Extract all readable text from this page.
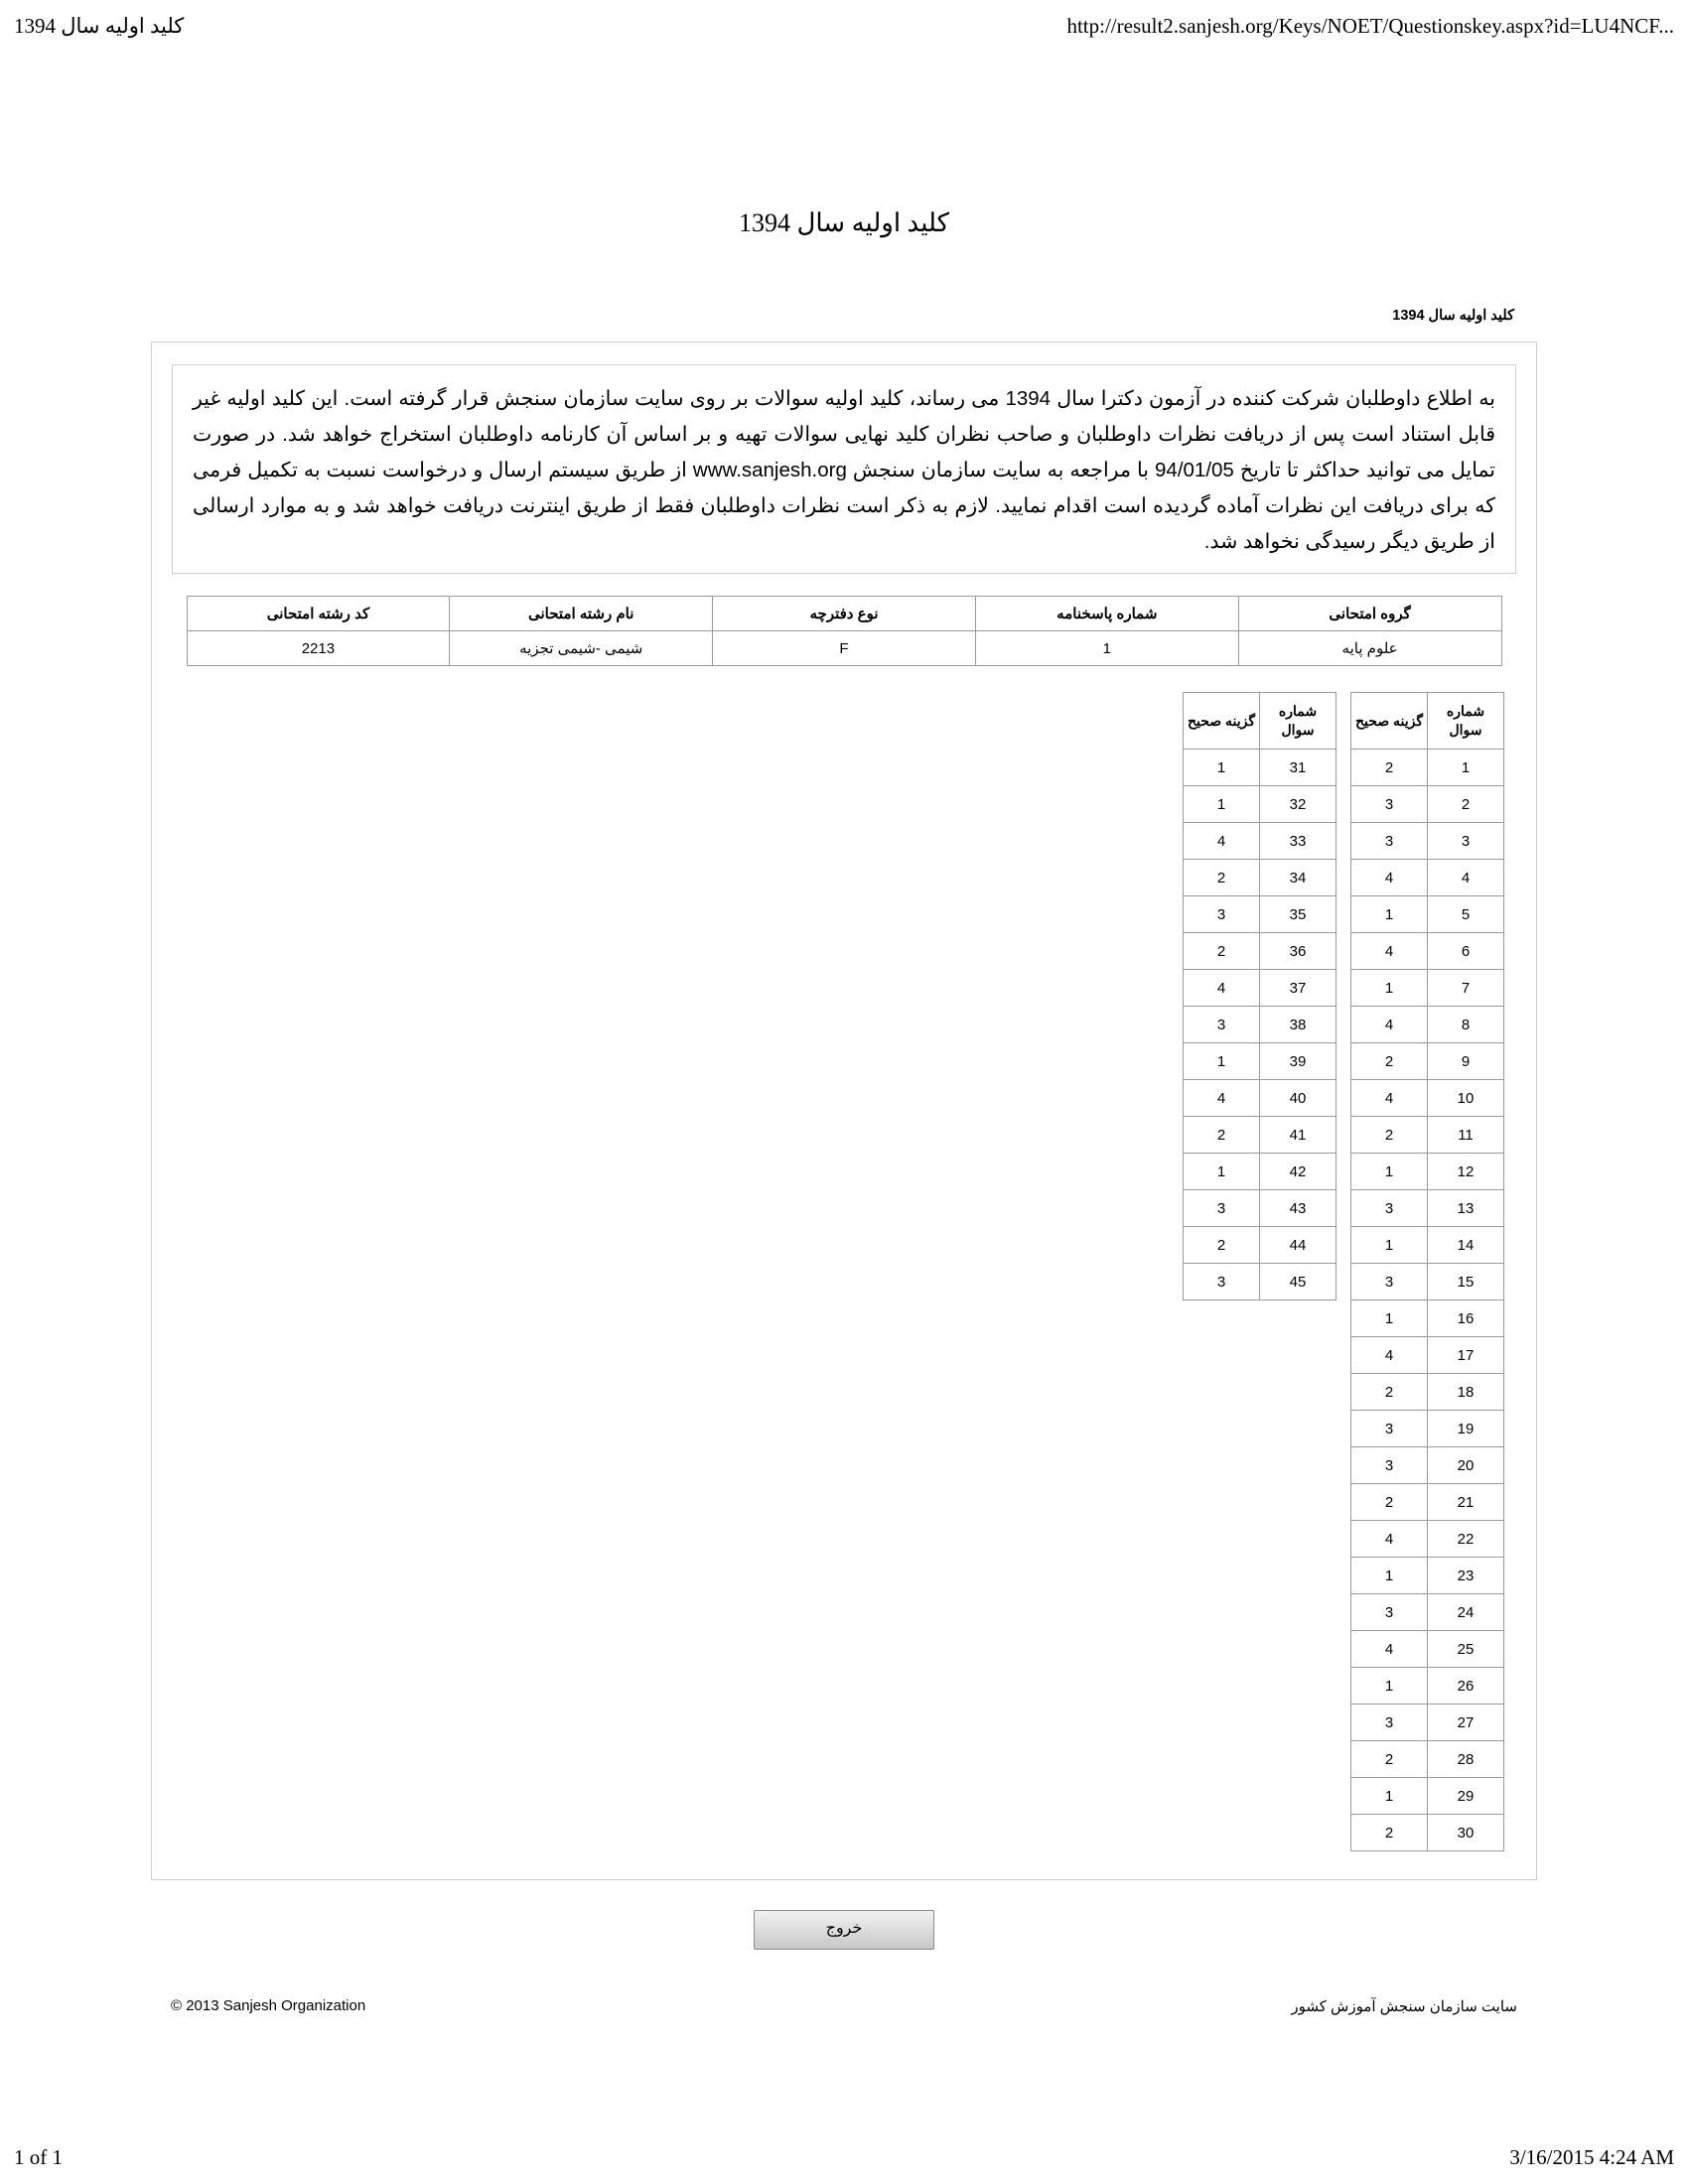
کلید اولیه سال 1394	http://result2.sanjesh.org/Keys/NOET/Questionskey.aspx?id=LU4NCF...
کلید اولیه سال 1394
کلید اولیه سال 1394
به اطلاع داوطلبان شرکت کننده در آزمون دکترا سال 1394 می رساند، کلید اولیه سوالات بر روی سایت سازمان سنجش قرار گرفته است. این کلید اولیه غیر قابل استناد است پس از دریافت نظرات داوطلبان و صاحب نظران کلید نهایی سوالات تهیه و بر اساس آن کارنامه داوطلبان استخراج خواهد شد. در صورت تمایل می توانید حداکثر تا تاریخ 94/01/05 با مراجعه به سایت سازمان سنجش www.sanjesh.org از طریق سیستم ارسال و درخواست نسبت به تکمیل فرمی که برای دریافت این نظرات آماده گردیده است اقدام نمایید. لازم به ذکر است نظرات داوطلبان فقط از طریق اینترنت دریافت خواهد شد و به موارد ارسالی از طریق دیگر رسیدگی نخواهد شد.
گروه امتحانی	شماره پاسخنامه	نوع دفترچه	نام رشته امتحانی	کد رشته امتحانی
علوم پایه	1	F	شیمی -شیمی تجزیه	2213
شماره سوال	گزینه صحیح
1	2
2	3
3	3
4	4
5	1
6	4
7	1
8	4
9	2
10	4
11	2
12	1
13	3
14	1
15	3
16	1
17	4
18	2
19	3
20	3
21	2
22	4
23	1
24	3
25	4
26	1
27	3
28	2
29	1
30	2
شماره سوال	گزینه صحیح
31	1
32	1
33	4
34	2
35	3
36	2
37	4
38	3
39	1
40	4
41	2
42	1
43	3
44	2
45	3
خروج
سایت سازمان سنجش آموزش کشور
© 2013 Sanjesh Organization
1 of 1	3/16/2015 4:24 AM
